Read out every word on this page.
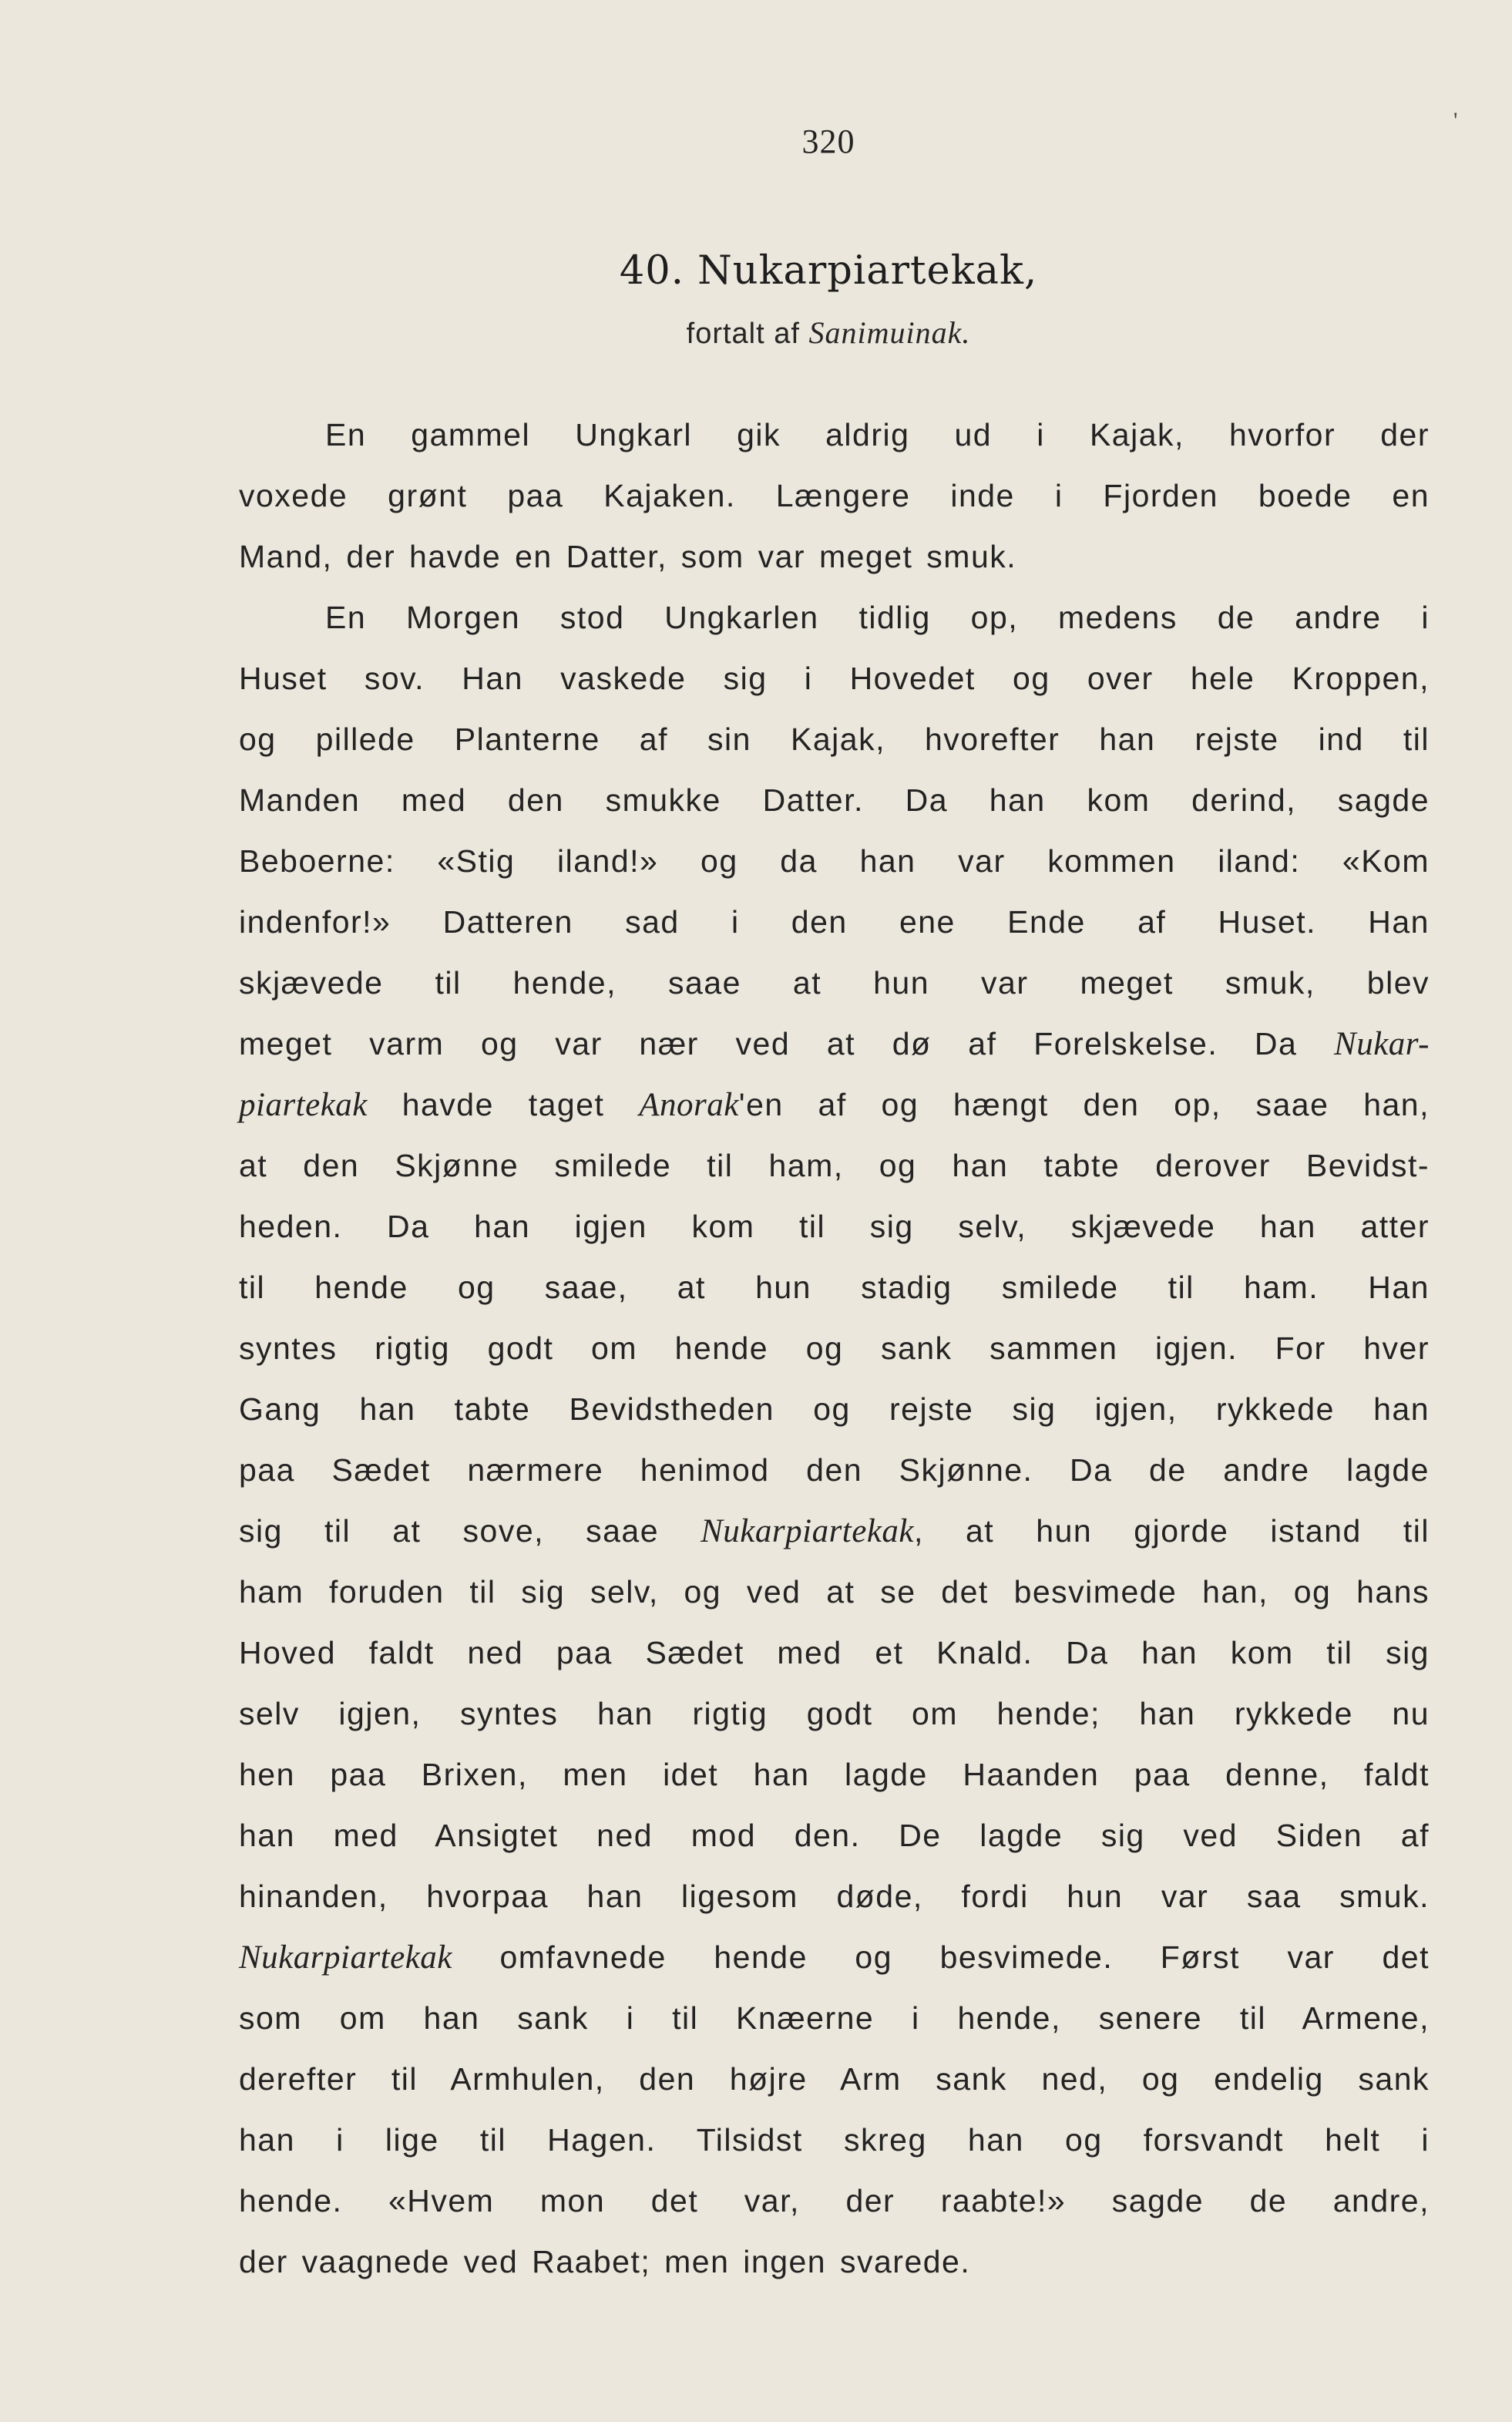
320
'
40. Nukarpiartekak,
fortalt af Sanimuinak.
En gammel Ungkarl gik aldrig ud i Kajak, hvorfor der
voxede grønt paa Kajaken. Længere inde i Fjorden boede en
Mand, der havde en Datter, som var meget smuk.
En Morgen stod Ungkarlen tidlig op, medens de andre i
Huset sov. Han vaskede sig i Hovedet og over hele Kroppen,
og pillede Planterne af sin Kajak, hvorefter han rejste ind til
Manden med den smukke Datter. Da han kom derind, sagde
Beboerne: «Stig iland!» og da han var kommen iland: «Kom
indenfor!» Datteren sad i den ene Ende af Huset. Han
skjævede til hende, saae at hun var meget smuk, blev
meget varm og var nær ved at dø af Forelskelse. Da Nukar-
piartekak havde taget Anorak'en af og hængt den op, saae han,
at den Skjønne smilede til ham, og han tabte derover Bevidst-
heden. Da han igjen kom til sig selv, skjævede han atter
til hende og saae, at hun stadig smilede til ham. Han
syntes rigtig godt om hende og sank sammen igjen. For hver
Gang han tabte Bevidstheden og rejste sig igjen, rykkede han
paa Sædet nærmere henimod den Skjønne. Da de andre lagde
sig til at sove, saae Nukarpiartekak, at hun gjorde istand til
ham foruden til sig selv, og ved at se det besvimede han, og hans
Hoved faldt ned paa Sædet med et Knald. Da han kom til sig
selv igjen, syntes han rigtig godt om hende; han rykkede nu
hen paa Brixen, men idet han lagde Haanden paa denne, faldt
han med Ansigtet ned mod den. De lagde sig ved Siden af
hinanden, hvorpaa han ligesom døde, fordi hun var saa smuk.
Nukarpiartekak omfavnede hende og besvimede. Først var det
som om han sank i til Knæerne i hende, senere til Armene,
derefter til Armhulen, den højre Arm sank ned, og endelig sank
han i lige til Hagen. Tilsidst skreg han og forsvandt helt i
hende. «Hvem mon det var, der raabte!» sagde de andre,
der vaagnede ved Raabet; men ingen svarede.
